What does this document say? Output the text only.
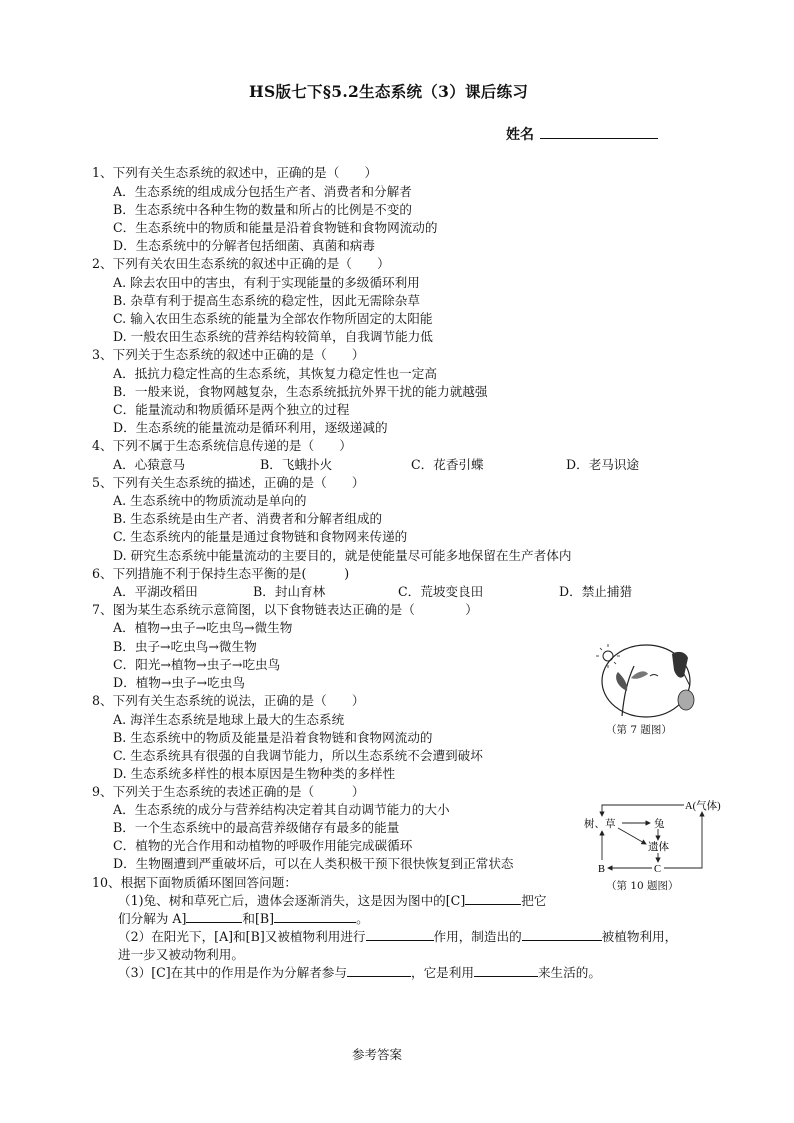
HS版七下§5.2生态系统（3）课后练习
姓名
1、下列有关生态系统的叙述中，正确的是（　　）
A．生态系统的组成成分包括生产者、消费者和分解者
B．生态系统中各种生物的数量和所占的比例是不变的
C．生态系统中的物质和能量是沿着食物链和食物网流动的
D．生态系统中的分解者包括细菌、真菌和病毒
2、下列有关农田生态系统的叙述中正确的是（　　）
A. 除去农田中的害虫，有利于实现能量的多级循环利用
B. 杂草有利于提高生态系统的稳定性，因此无需除杂草
C. 输入农田生态系统的能量为全部农作物所固定的太阳能
D. 一般农田生态系统的营养结构较简单，自我调节能力低
3、下列关于生态系统的叙述中正确的是（　　）
A．抵抗力稳定性高的生态系统，其恢复力稳定性也一定高
B．一般来说，食物网越复杂，生态系统抵抗外界干扰的能力就越强
C．能量流动和物质循环是两个独立的过程
D．生态系统的能量流动是循环利用，逐级递减的
4、下列不属于生态系统信息传递的是（　　）
A．心猿意马	B．飞蛾扑火	C．花香引蝶	D．老马识途
5、下列有关生态系统的描述，正确的是（　　）
A. 生态系统中的物质流动是单向的
B. 生态系统是由生产者、消费者和分解者组成的
C. 生态系统内的能量是通过食物链和食物网来传递的
D. 研究生态系统中能量流动的主要目的，就是使能量尽可能多地保留在生产者体内
6、下列措施不利于保持生态平衡的是(　　　)
A．平湖改稻田	B．封山育林	C．荒坡变良田	D．禁止捕猎
7、图为某生态系统示意简图，以下食物链表达正确的是（　　　　）
A．植物→虫子→吃虫鸟→微生物
B．虫子→吃虫鸟→微生物
C．阳光→植物→虫子→吃虫鸟
D．植物→虫子→吃虫鸟
8、下列有关生态系统的说法，正确的是（　　）
A. 海洋生态系统是地球上最大的生态系统
B. 生态系统中的物质及能量是沿着食物链和食物网流动的
C. 生态系统具有很强的自我调节能力，所以生态系统不会遭到破坏
D. 生态系统多样性的根本原因是生物种类的多样性
9、下列关于生态系统的表述正确的是（　　　）
A．生态系统的成分与营养结构决定着其自动调节能力的大小
B．一个生态系统中的最高营养级储存有最多的能量
C．植物的光合作用和动植物的呼吸作用能完成碳循环
D．生物圈遭到严重破坏后，可以在人类积极干预下很快恢复到正常状态
10、根据下面物质循环图回答问题：
（1)兔、树和草死亡后，遗体会逐渐消失，这是因为图中的[C]	把它
们分解为 A]	和[B]	。
（2）在阳光下，[A]和[B]又被植物利用进行	作用，制造出的	被植物利用，
进一步又被动物利用。
（3）[C]在其中的作用是作为分解者参与	，它是利用	来生活的。
（第 7 题图）
A(气体)
树、草	兔
遗体
B	C
（第 10 题图）
参考答案
